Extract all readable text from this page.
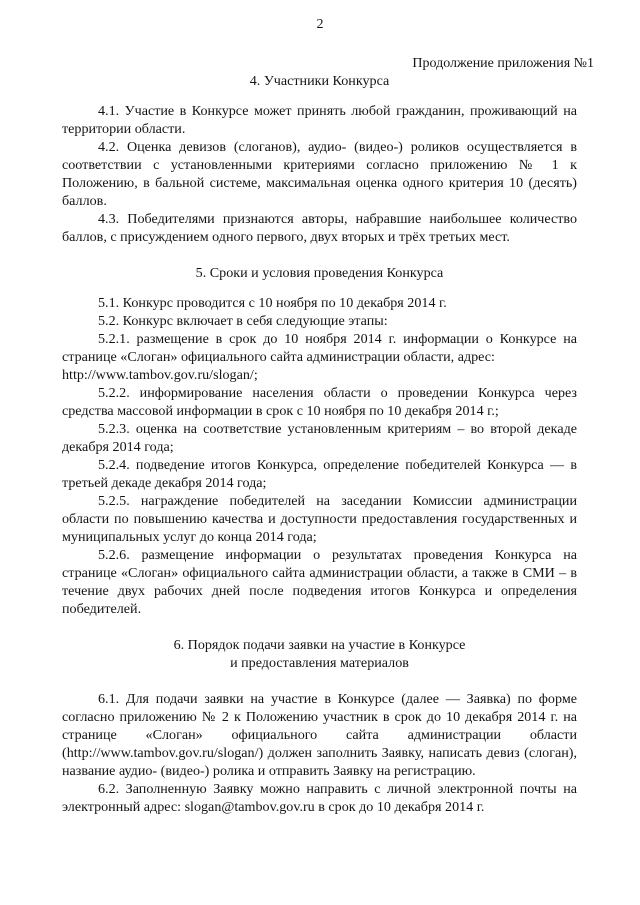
2
Продолжение приложения №1
4. Участники Конкурса

4.1. Участие в Конкурсе может принять любой гражданин, проживающий на территории области.

4.2. Оценка девизов (слоганов), аудио- (видео-) роликов осуществляется в соответствии с установленными критериями согласно приложению № 1 к Положению, в бальной системе, максимальная оценка одного критерия 10 (десять) баллов.

4.3. Победителями признаются авторы, набравшие наибольшее количество баллов, с присуждением одного первого, двух вторых и трёх третьих мест.

5. Сроки и условия проведения Конкурса

5.1. Конкурс проводится с 10 ноября по 10 декабря 2014 г.

5.2. Конкурс включает в себя следующие этапы:

5.2.1. размещение в срок до 10 ноября 2014 г. информации о Конкурсе на странице «Слоган» официального сайта администрации области, адрес:

http://www.tambov.gov.ru/slogan/;

5.2.2. информирование населения области о проведении Конкурса через средства массовой информации в срок с 10 ноября по 10 декабря 2014 г.;

5.2.3. оценка на соответствие установленным критериям – во второй декаде декабря 2014 года;

5.2.4. подведение итогов Конкурса, определение победителей Конкурса — в третьей декаде декабря 2014 года;

5.2.5. награждение победителей на заседании Комиссии администрации области по повышению качества и доступности предоставления государственных и муниципальных услуг до конца 2014 года;

5.2.6. размещение информации о результатах проведения Конкурса на странице «Слоган» официального сайта администрации области, а также в СМИ – в течение двух рабочих дней после подведения итогов Конкурса и определения победителей.

6. Порядок подачи заявки на участие в Конкурсе
и предоставления материалов

6.1. Для подачи заявки на участие в Конкурсе (далее — Заявка) по форме согласно приложению № 2 к Положению участник в срок до 10 декабря 2014 г. на странице «Слоган» официального сайта администрации области (http://www.tambov.gov.ru/slogan/) должен заполнить Заявку, написать девиз (слоган), название аудио- (видео-) ролика и отправить Заявку на регистрацию.

6.2. Заполненную Заявку можно направить с личной электронной почты на электронный адрес: slogan@tambov.gov.ru в срок до 10 декабря 2014 г.
